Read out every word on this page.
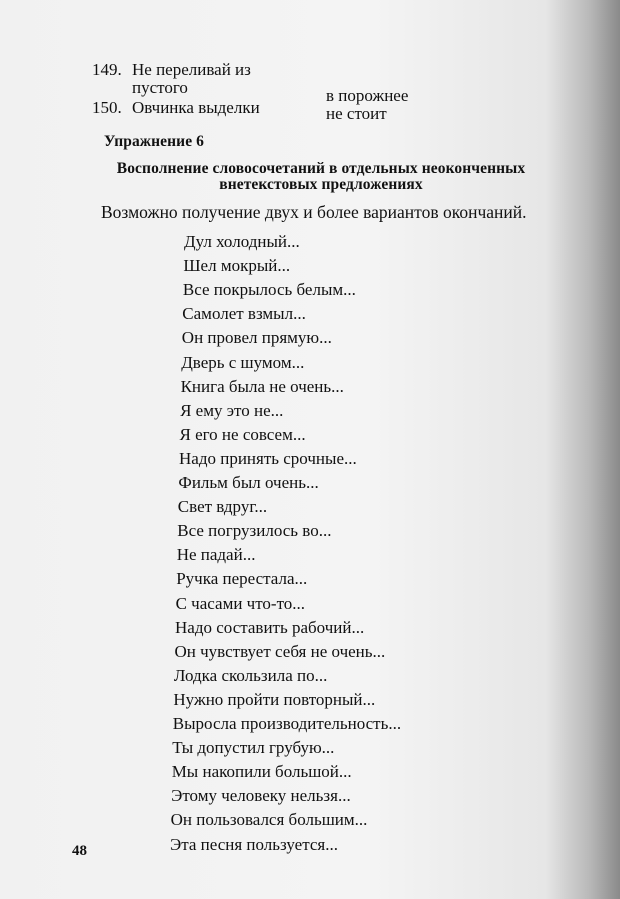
149. Не переливай из
пустого	в порожнее
150. Овчинка выделки	не стоит
Упражнение 6
Восполнение словосочетаний в отдельных неоконченных
внетекстовых предложениях
Возможно получение двух и более вариантов окончаний.
Дул холодный...
Шел мокрый...
Все покрылось белым...
Самолет взмыл...
Он провел прямую...
Дверь с шумом...
Книга была не очень...
Я ему это не...
Я его не совсем...
Надо принять срочные...
Фильм был очень...
Свет вдруг...
Все погрузилось во...
Не падай...
Ручка перестала...
С часами что-то...
Надо составить рабочий...
Он чувствует себя не очень...
Лодка скользила по...
Нужно пройти повторный...
Выросла производительность...
Ты допустил грубую...
Мы накопили большой...
Этому человеку нельзя...
Он пользовался большим...
Эта песня пользуется...
48
